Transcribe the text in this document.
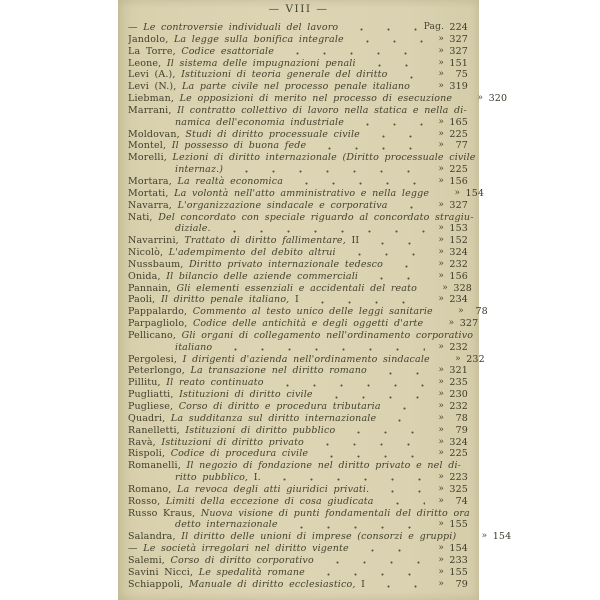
— VIII —
— Le controversie individuali del lavoro	Pag. 224
Jandolo, La legge sulla bonifica integrale	» 327
La Torre, Codice esattoriale	» 327
Leone, Il sistema delle impugnazioni penali	» 151
Levi (A.), Istituzioni di teoria generale del diritto	»	75
Levi (N.), La parte civile nel processo penale italiano	» 319
Liebman, Le opposizioni di merito nel processo di esecuzione	» 320
Marrani, Il contratto collettivo di lavoro nella statica e nella di-
namica dell'economia industriale	» 165
Moldovan, Studi di diritto processuale civile	» 225
Montel, Il possesso di buona fede	»	77
Morelli, Lezioni di diritto internazionale (Diritto processuale civile
internaz.)	» 225
Mortara, La realtà economica	» 156
Mortati, La volontà nell'atto amministrativo e nella legge	» 154
Navarra, L'organizzazione sindacale e corporativa	» 327
Nati, Del concordato con speciale riguardo al concordato stragiu-
diziale.	» 153
Navarrini, Trattato di diritto fallimentare, II	» 152
Nicolò, L'adempimento del debito altrui	» 324
Nussbaum, Diritto privato internazionale tedesco	» 232
Onida, Il bilancio delle aziende commerciali	» 156
Pannain, Gli elementi essenziali e accidentali del reato	» 328
Paoli, Il diritto penale italiano, I	» 234
Pappalardo, Commento al testo unico delle leggi sanitarie	»	78
Parpagliolo, Codice delle antichità e degli oggetti d'arte	» 327
Pellicano, Gli organi di collegamento nell'ordinamento corporativo
italiano	» 232
Pergolesi, I dirigenti d'azienda nell'ordinamento sindacale	» 232
Peterlongo, La transazione nel diritto romano	» 321
Pillitu, Il reato continuato	» 235
Pugliatti, Istituzioni di diritto civile	» 230
Pugliese, Corso di diritto e procedura tributaria	» 232
Quadri, La sudditanza sul diritto internazionale	»	78
Ranelletti, Istituzioni di diritto pubblico	»	79
Ravà, Istituzioni di diritto privato	» 324
Rispoli, Codice di procedura civile	» 225
Romanelli, Il negozio di fondazione nel diritto privato e nel di-
ritto pubblico, I.	» 223
Romano, La revoca degli atti giuridici privati.	» 325
Rosso, Limiti della eccezione di cosa giudicata	»	74
Russo Kraus, Nuova visione di punti fondamentali del diritto ora
detto internazionale	» 155
Salandra, Il diritto delle unioni di imprese (consorzi e gruppi)	» 154
— Le società irregolari nel diritto vigente	» 154
Salemi, Corso di diritto corporativo	» 233
Savini Nicci, Le spedalità romane	» 155
Schiappoli, Manuale di diritto ecclesiastico, I	»	79
